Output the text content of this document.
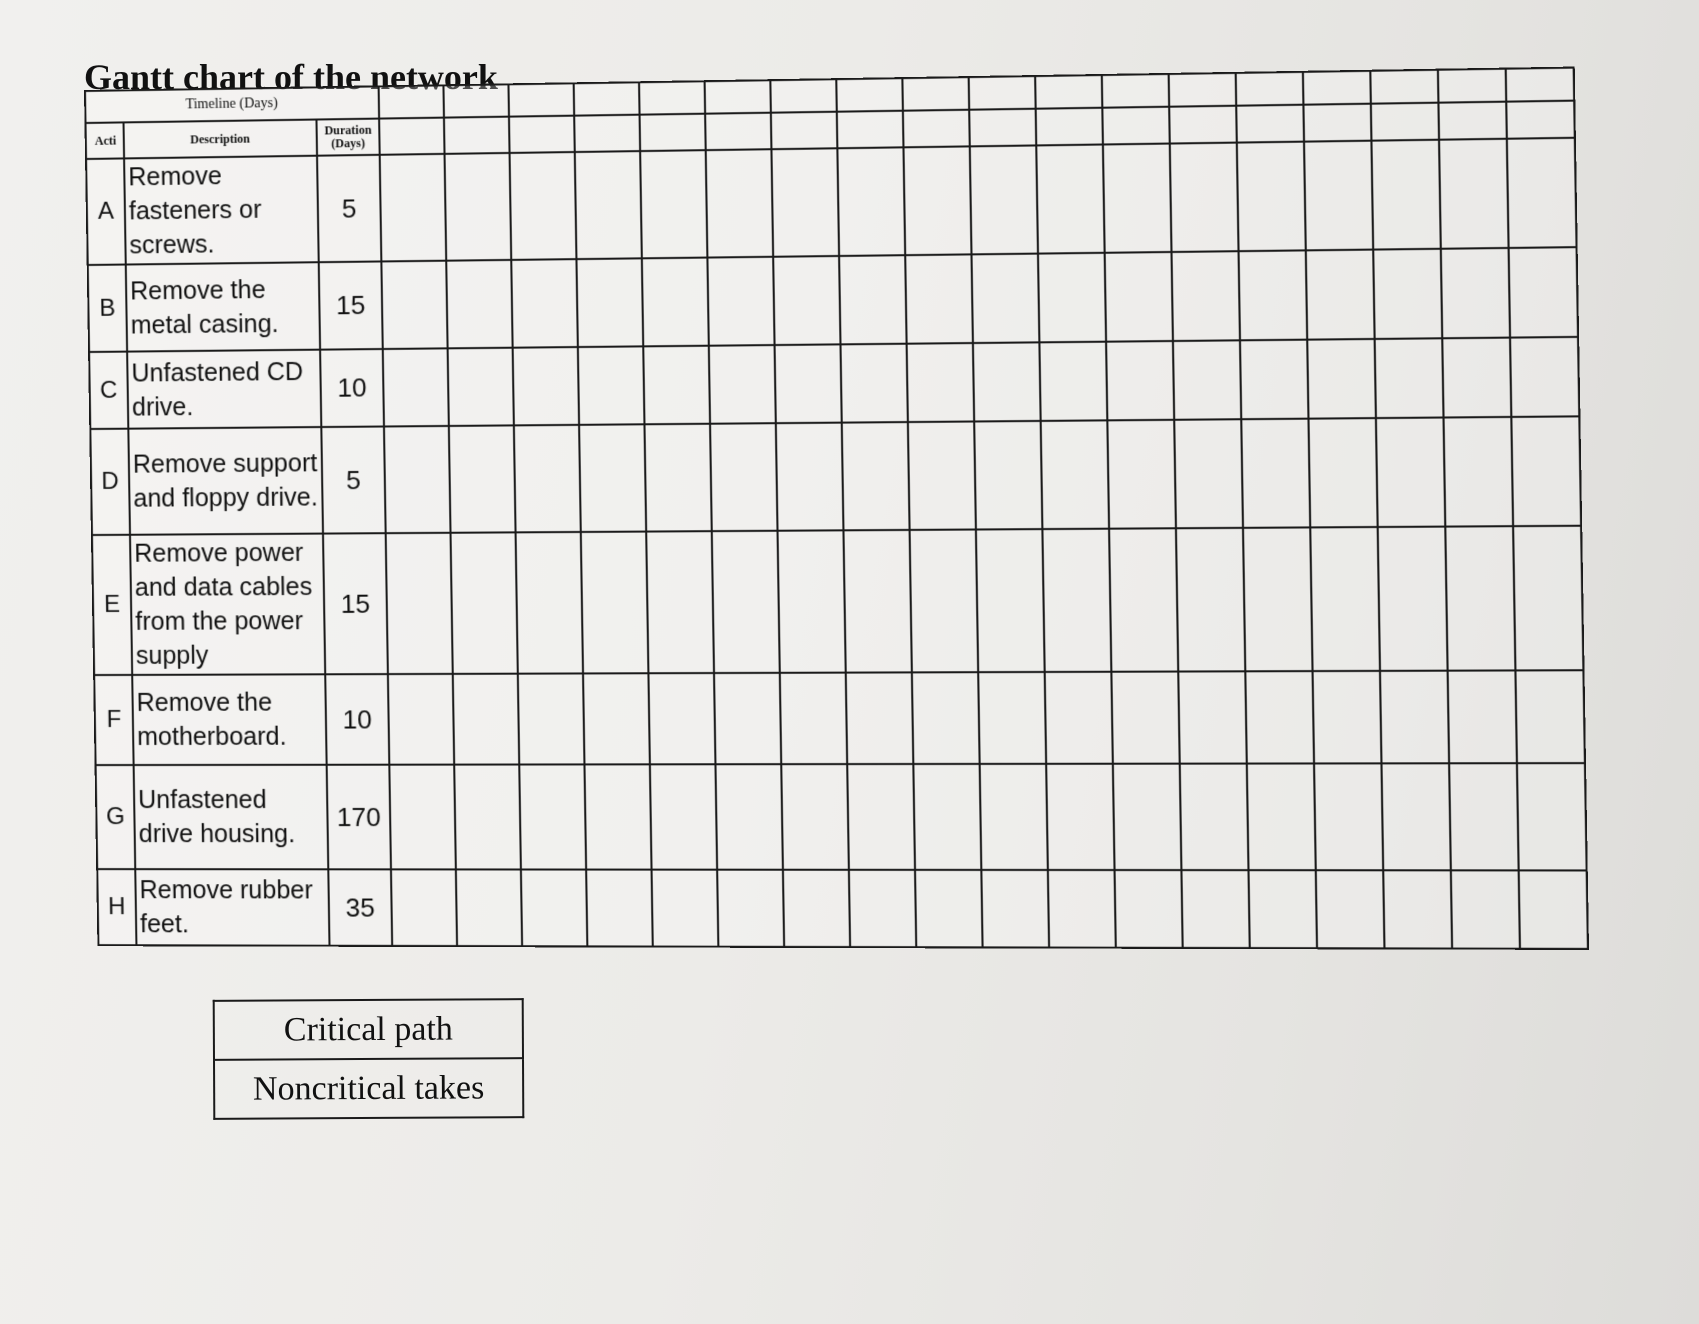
Gantt chart of the network
Timeline (Days)																				
Acti	Description	Duration
(Days)																		
A	Remove fasteners or screws.	5																		
B	Remove the metal casing.	15																		
C	Unfastened CD drive.	10																		
D	Remove support and floppy drive.	5																		
E	Remove power and data cables from the power supply	15																		
F	Remove the motherboard.	10																		
G	Unfastened drive housing.	170																		
H	Remove rubber feet.	35																		
Critical path
Noncritical takes
